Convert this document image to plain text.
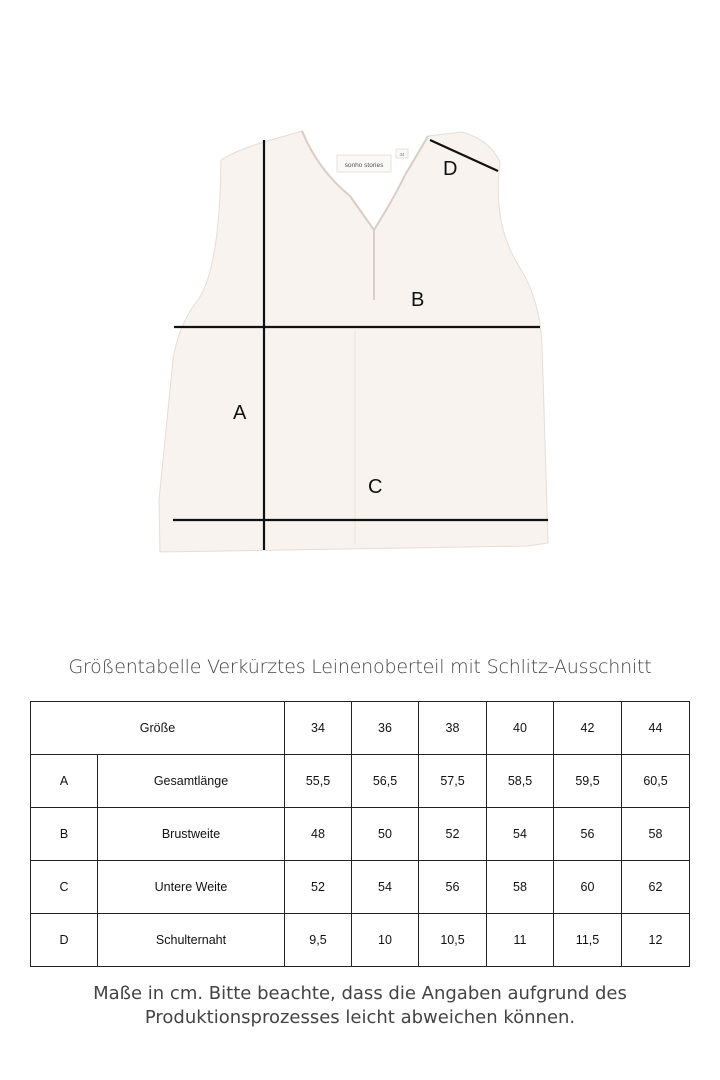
sonho stories
34
A
B
C
D
Größentabelle Verkürztes Leinenoberteil mit Schlitz-Ausschnitt
Größe		34	36	38	40	42	44
A	Gesamtlänge	55,5	56,5	57,5	58,5	59,5	60,5
B	Brustweite	48	50	52	54	56	58
C	Untere Weite	52	54	56	58	60	62
D	Schulternaht	9,5	10	10,5	11	11,5	12
Maße in cm. Bitte beachte, dass die Angaben aufgrund des
Produktionsprozesses leicht abweichen können.
